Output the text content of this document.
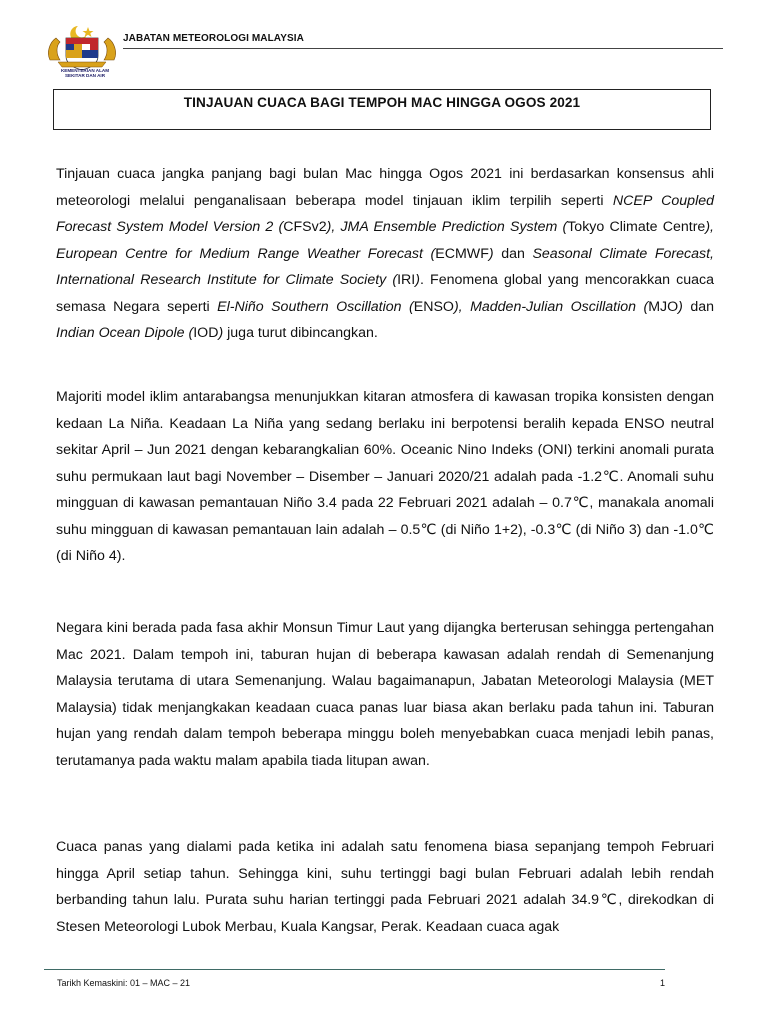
KEMENTERIAN ALAM SEKITAR DAN AIR
JABATAN METEOROLOGI MALAYSIA
TINJAUAN CUACA BAGI TEMPOH MAC HINGGA OGOS 2021

Tinjauan cuaca jangka panjang bagi bulan Mac hingga Ogos 2021 ini berdasarkan konsensus ahli meteorologi melalui penganalisaan beberapa model tinjauan iklim terpilih seperti NCEP Coupled Forecast System Model Version 2 (CFSv2), JMA Ensemble Prediction System (Tokyo Climate Centre), European Centre for Medium Range Weather Forecast (ECMWF) dan Seasonal Climate Forecast, International Research Institute for Climate Society (IRI). Fenomena global yang mencorakkan cuaca semasa Negara seperti El-Niño Southern Oscillation (ENSO), Madden-Julian Oscillation (MJO) dan Indian Ocean Dipole (IOD) juga turut dibincangkan.

Majoriti model iklim antarabangsa menunjukkan kitaran atmosfera di kawasan tropika konsisten dengan kedaan La Niña. Keadaan La Niña yang sedang berlaku ini berpotensi beralih kepada ENSO neutral sekitar April – Jun 2021 dengan kebarangkalian 60%. Oceanic Nino Indeks (ONI) terkini anomali purata suhu permukaan laut bagi November – Disember – Januari 2020/21 adalah pada -1.2℃. Anomali suhu mingguan di kawasan pemantauan Niño 3.4 pada 22 Februari 2021 adalah – 0.7℃, manakala anomali suhu mingguan di kawasan pemantauan lain adalah – 0.5℃ (di Niño 1+2), -0.3℃ (di Niño 3) dan -1.0℃ (di Niño 4).

Negara kini berada pada fasa akhir Monsun Timur Laut yang dijangka berterusan sehingga pertengahan Mac 2021. Dalam tempoh ini, taburan hujan di beberapa kawasan adalah rendah di Semenanjung Malaysia terutama di utara Semenanjung. Walau bagaimanapun, Jabatan Meteorologi Malaysia (MET Malaysia) tidak menjangkakan keadaan cuaca panas luar biasa akan berlaku pada tahun ini. Taburan hujan yang rendah dalam tempoh beberapa minggu boleh menyebabkan cuaca menjadi lebih panas, terutamanya pada waktu malam apabila tiada litupan awan.

Cuaca panas yang dialami pada ketika ini adalah satu fenomena biasa sepanjang tempoh Februari hingga April setiap tahun. Sehingga kini, suhu tertinggi bagi bulan Februari adalah lebih rendah berbanding tahun lalu. Purata suhu harian tertinggi pada Februari 2021 adalah 34.9℃, direkodkan di Stesen Meteorologi Lubok Merbau, Kuala Kangsar, Perak. Keadaan cuaca agak

Tarikh Kemaskini: 01 – MAC – 21	1
